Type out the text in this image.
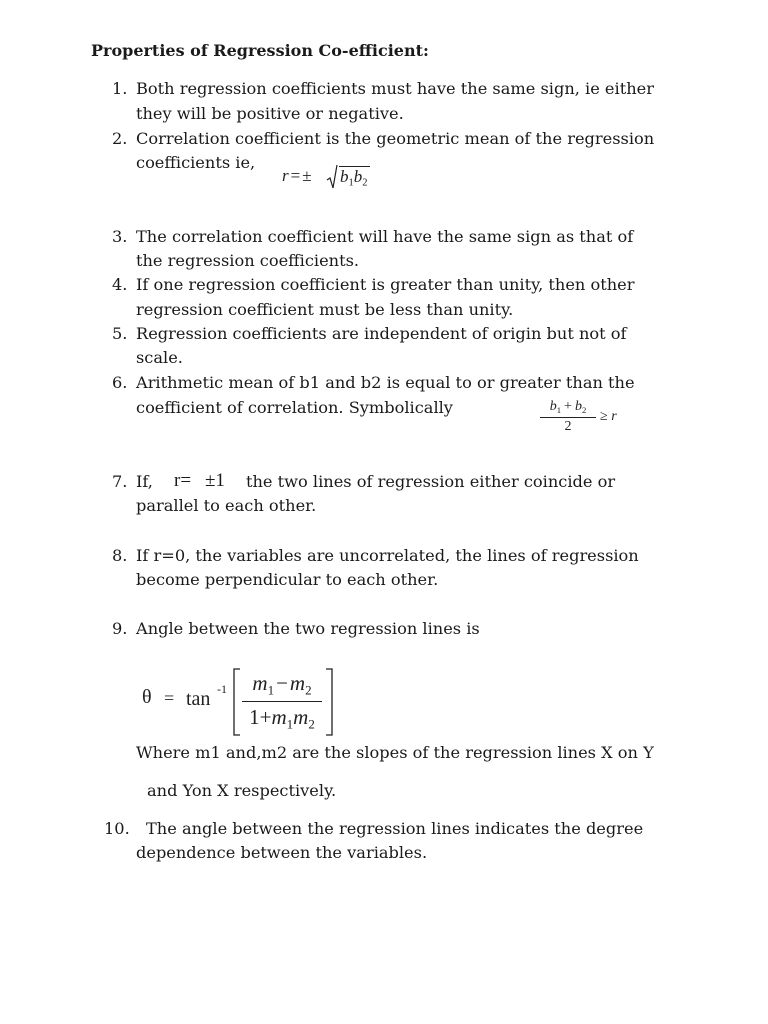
Properties of Regression Co-efficient:
1. Both regression coefficients must have the same sign, ie either
they will be positive or negative.
2. Correlation coefficient is the geometric mean of the regression
coefficients ie,
r = ± $b_1b_2$
3. The correlation coefficient will have the same sign as that of
the regression coefficients.
4. If one regression coefficient is greater than unity, then other
regression coefficient must be less than unity.
5. Regression coefficients are independent of origin but not of
scale.
6. Arithmetic mean of b1 and b2 is equal to or greater than the
coefficient of correlation. Symbolically	$b_1 + b_2$
2
≥ r
7. If, r= ±1 the two lines of regression either coincide or
parallel to each other.
8. If r=0, the variables are uncorrelated, the lines of regression
become perpendicular to each other.
9. Angle between the two regression lines is
θ = tan -1	$m_1-m_2$
$1+m_1m_2$
Where m1 and,m2 are the slopes of the regression lines X on Y
and Yon X respectively.
10. The angle between the regression lines indicates the degree
dependence between the variables.
